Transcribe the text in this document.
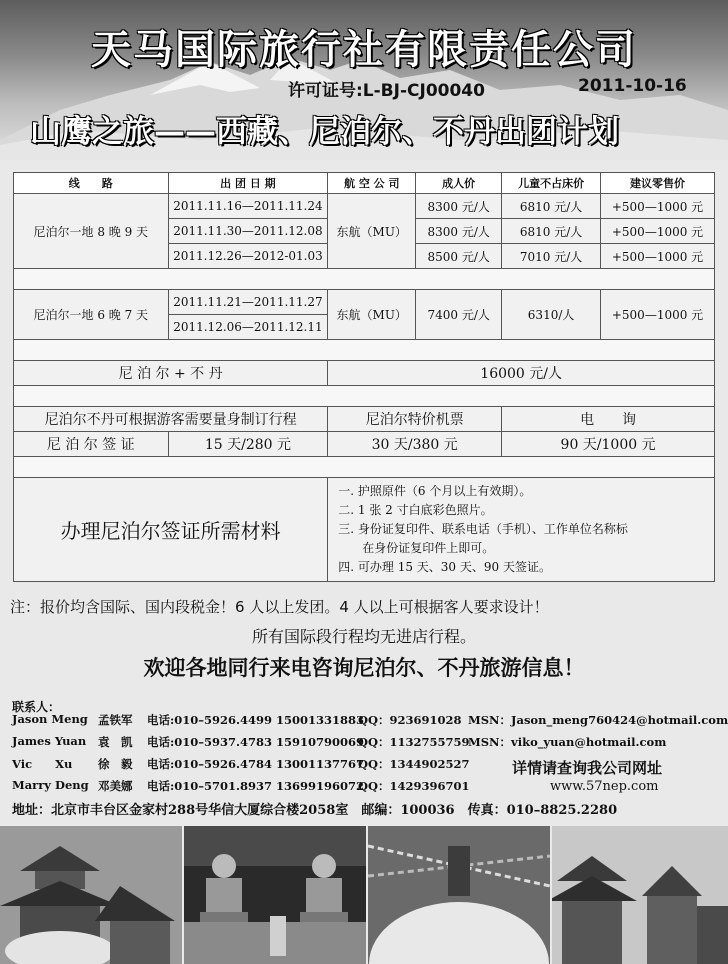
天马国际旅行社有限责任公司
许可证号:L-BJ-CJ00040	2011-10-16
山鹰之旅——西藏、尼泊尔、不丹出团计划
线　　路	出 团 日 期	航 空 公 司	成人价	儿童不占床价	建议零售价
尼泊尔一地 8 晚 9 天	2011.11.16—2011.11.24	东航（MU）	8300 元/人	6810 元/人	+500—1000 元
	2011.11.30—2011.12.08		8300 元/人	6810 元/人	+500—1000 元
	2011.12.26—2012-01.03		8500 元/人	7010 元/人	+500—1000 元

尼泊尔一地 6 晚 7 天	2011.11.21—2011.11.27	东航（MU）	7400 元/人	6310/人	+500—1000 元
	2011.12.06—2011.12.11				

尼 泊 尔 + 不 丹		16000 元/人			

尼泊尔不丹可根据游客需要量身制订行程		尼泊尔特价机票		电　　询	
尼 泊 尔 签 证	15 天/280 元	30 天/380 元		90 天/1000 元	

办理尼泊尔签证所需材料		一. 护照原件（6 个月以上有效期）。
二. 1 张 2 寸白底彩色照片。
三. 身份证复印件、联系电话（手机）、工作单位名称标
　　在身份证复印件上即可。
四. 可办理 15 天、30 天、90 天签证。			
注：报价均含国际、国内段税金！6 人以上发团。4 人以上可根据客人要求设计！
所有国际段行程均无进店行程。
欢迎各地同行来电咨询尼泊尔、不丹旅游信息！
联系人：
Jason Meng 孟铁军 电话:010–5926.4499 15001331883
QQ：923691028 MSN：Jason_meng760424@hotmail.com
James Yuan 袁　凯 电话:010–5937.4783 15910790069
QQ：1132755759
MSN：viko_yuan@hotmail.com
Vic　　Xu 徐　毅 电话:010–5926.4784 13001137767
QQ：1344902527
Marry Deng 邓美娜 电话:010–5701.8937 13699196072
QQ：1429396701
详情请查询我公司网址
www.57nep.com
地址：北京市丰台区金家村288号华信大厦综合楼2058室　邮编：100036　传真：010–8825.2280
